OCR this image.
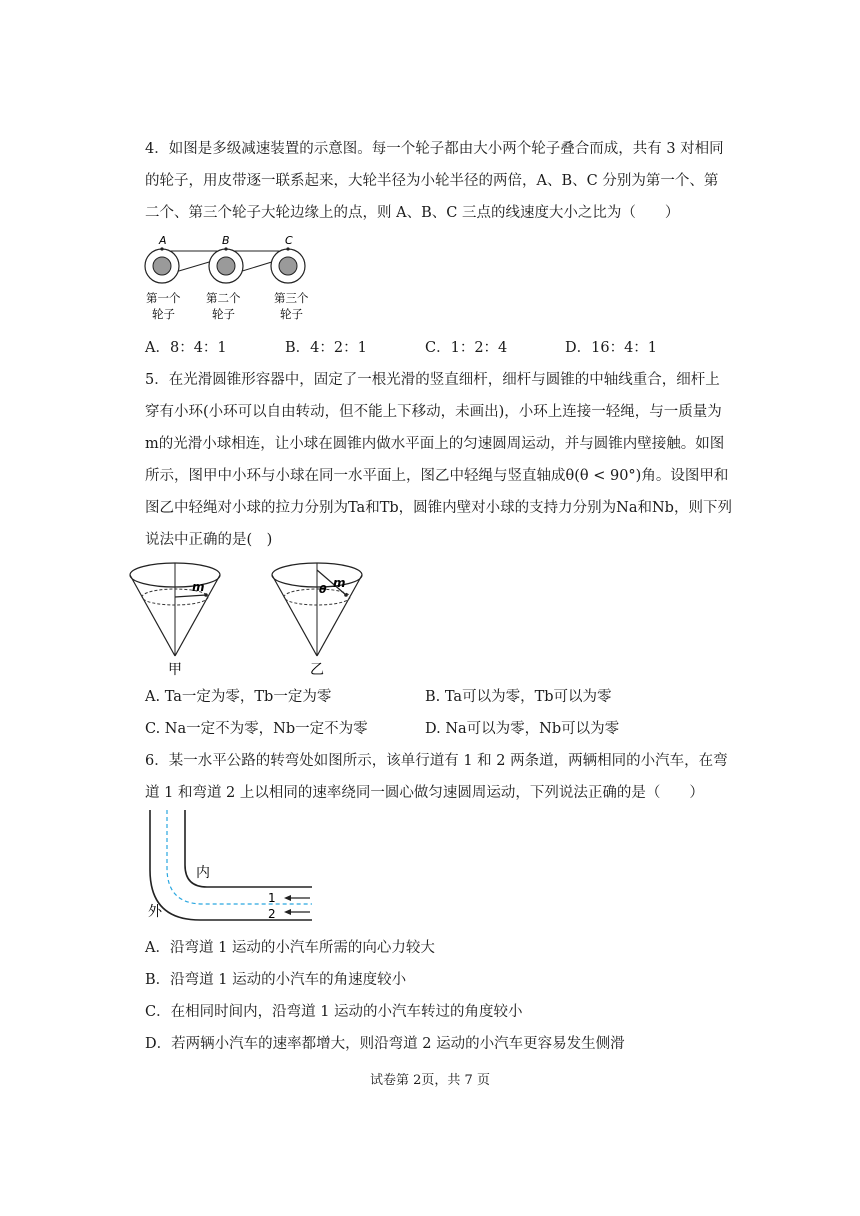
4．如图是多级减速装置的示意图。每一个轮子都由大小两个轮子叠合而成，共有 3 对相同
的轮子，用皮带逐一联系起来，大轮半径为小轮半径的两倍，A、B、C 分别为第一个、第
二个、第三个轮子大轮边缘上的点，则 A、B、C 三点的线速度大小之比为（　　）
A	B	C
第一个
轮子
第二个
轮子
第三个
轮子
A．8：4：1	B．4：2：1	C．1：2：4	D．16：4：1
5．在光滑圆锥形容器中，固定了一根光滑的竖直细杆，细杆与圆锥的中轴线重合，细杆上
穿有小环(小环可以自由转动，但不能上下移动，未画出)，小环上连接一轻绳，与一质量为
m的光滑小球相连，让小球在圆锥内做水平面上的匀速圆周运动，并与圆锥内壁接触。如图
所示，图甲中小环与小球在同一水平面上，图乙中轻绳与竖直轴成θ(θ < 90°)角。设图甲和
图乙中轻绳对小球的拉力分别为Ta和Tb，圆锥内壁对小球的支持力分别为Na和Nb，则下列
说法中正确的是(　)
m
甲
θ m
乙
A. Ta一定为零，Tb一定为零	B. Ta可以为零，Tb可以为零
C. Na一定不为零，Nb一定不为零	D. Na可以为零，Nb可以为零
6．某一水平公路的转弯处如图所示，该单行道有 1 和 2 两条道，两辆相同的小汽车，在弯
道 1 和弯道 2 上以相同的速率绕同一圆心做匀速圆周运动，下列说法正确的是（　　）
内
外
1
2
A．沿弯道 1 运动的小汽车所需的向心力较大
B．沿弯道 1 运动的小汽车的角速度较小
C．在相同时间内，沿弯道 1 运动的小汽车转过的角度较小
D．若两辆小汽车的速率都增大，则沿弯道 2 运动的小汽车更容易发生侧滑
试卷第 2页，共 7 页
